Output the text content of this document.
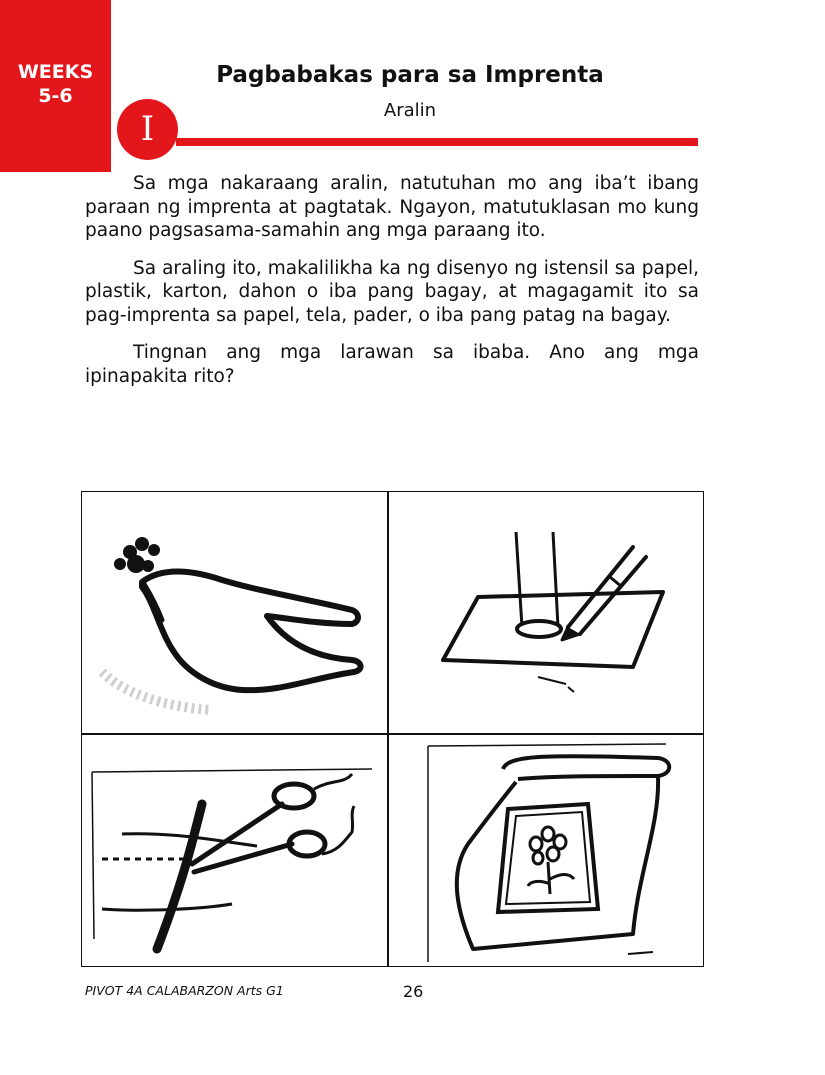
WEEKS
5-6
Pagbabakas para sa Imprenta
Aralin
I

Sa mga nakaraang aralin, natutuhan mo ang iba’t ibang paraan ng imprenta at pagtatak. Ngayon, matutuklasan mo kung paano pagsasama-samahin ang mga paraang ito.

Sa araling ito, makalilikha ka ng disenyo ng istensil sa papel, plastik, karton, dahon o iba pang bagay, at magagamit ito sa pag-imprenta sa papel, tela, pader, o iba pang patag na bagay.

Tingnan ang mga larawan sa ibaba. Ano ang mga ipinapakita rito?

PIVOT 4A CALABARZON Arts G1	26
